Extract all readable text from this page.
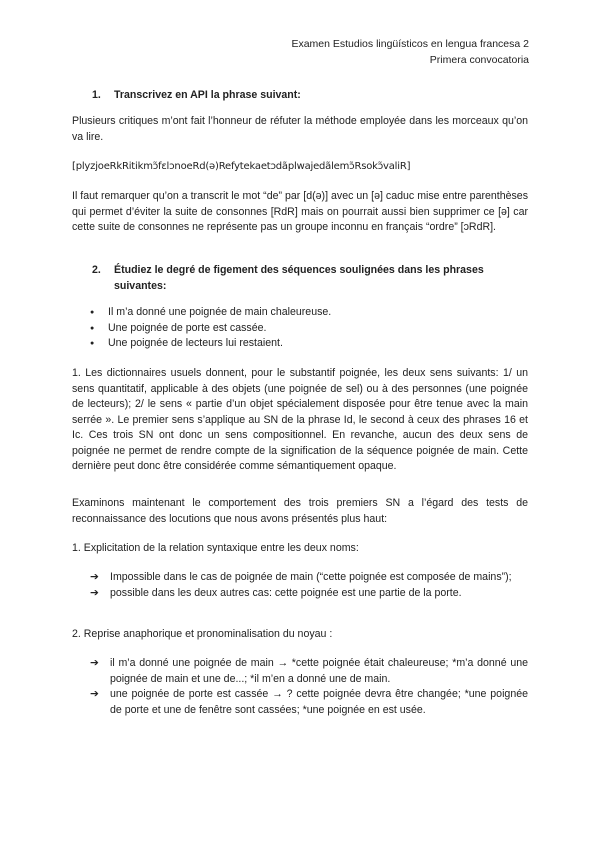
Examen Estudios lingüísticos en lengua francesa 2
Primera convocatoria
1. Transcrivez en API la phrase suivant:

Plusieurs critiques m’ont fait l’honneur de réfuter la méthode employée dans les morceaux qu’on va lire.

[plyzjoeRkRitikmɔ̃fɛlɔnoeRd(ə)Refytekaetɔdãplwajedãlemɔ̃Rsokɔ̃valiR]

Il faut remarquer qu’on a transcrit le mot “de” par [d(ə)] avec un [ə] caduc mise entre parenthèses qui permet d’éviter la suite de consonnes [RdR] mais on pourrait aussi bien supprimer ce [ə] car cette suite de consonnes ne représente pas un groupe inconnu en français “ordre” [ɔRdR].

2.	Étudiez le degré de figement des séquences soulignées dans les phrases suivantes:
● Il m’a donné une poignée de main chaleureuse.
● Une poignée de porte est cassée.
● Une poignée de lecteurs lui restaient.

1. Les dictionnaires usuels donnent, pour le substantif poignée, les deux sens suivants: 1/ un sens quantitatif, applicable à des objets (une poignée de sel) ou à des personnes (une poignée de lecteurs); 2/ le sens « partie d’un objet spécialement disposée pour être tenue avec la main serrée ». Le premier sens s’applique au SN de la phrase Id, le second à ceux des phrases 16 et Ic. Ces trois SN ont donc un sens compositionnel. En revanche, aucun des deux sens de poignée ne permet de rendre compte de la signification de la séquence poignée de main. Cette dernière peut donc être considérée comme sémantiquement opaque.

Examinons maintenant le comportement des trois premiers SN a l’égard des tests de reconnaissance des locutions que nous avons présentés plus haut:

1. Explicitation de la relation syntaxique entre les deux noms:

➔ Impossible dans le cas de poignée de main (“cette poignée est composée de mains”);
➔ possible dans les deux autres cas: cette poignée est une partie de la porte.

2. Reprise anaphorique et pronominalisation du noyau :

➔ il m’a donné une poignée de main → *cette poignée était chaleureuse; *m’a donné une poignée de main et une de...; *il m’en a donné une de main.
➔ une poignée de porte est cassée → ? cette poignée devra être changée; *une poignée de porte et une de fenêtre sont cassées; *une poignée en est usée.
